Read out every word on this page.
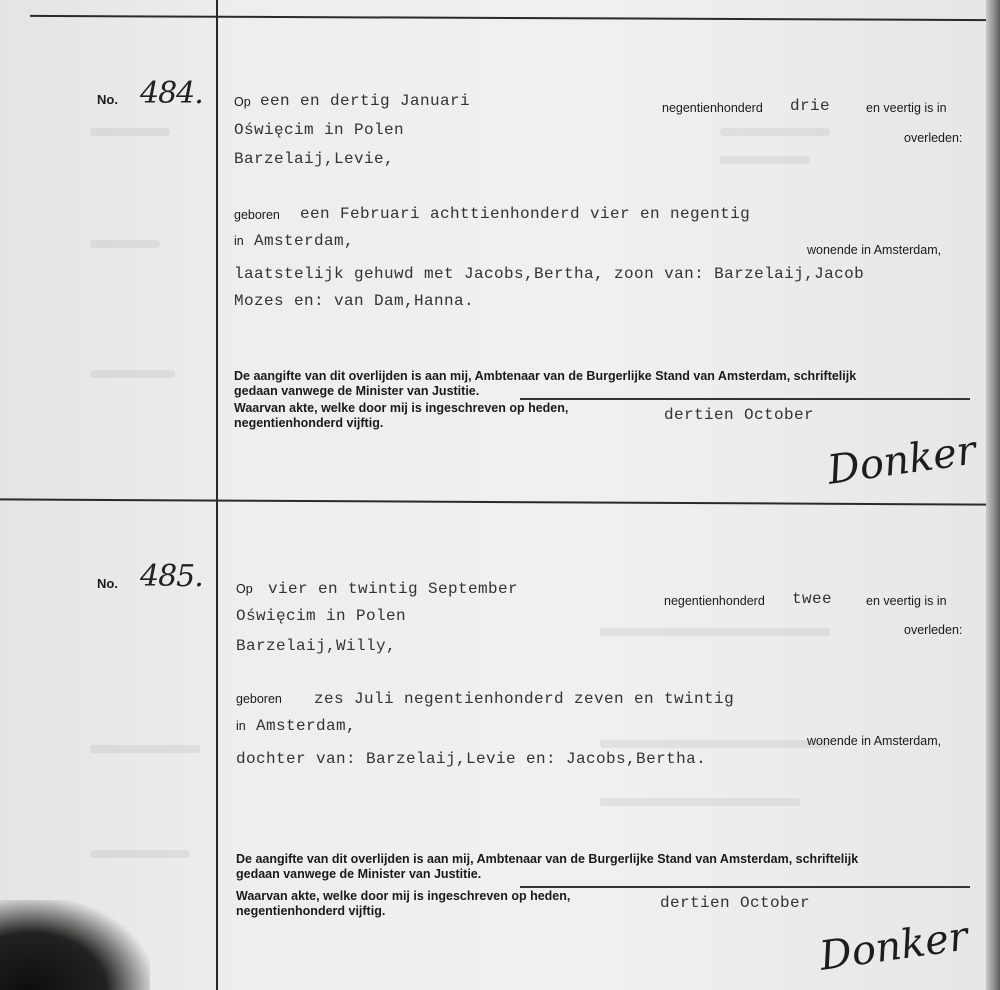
No. 484. Op een en dertig Januari	negentienhonderd drie	en veertig is in
Oświęcim in Polen	overleden:
Barzelaij,Levie,
geboren een Februari achttienhonderd vier en negentig
in Amsterdam,	wonende in Amsterdam,
laatstelijk gehuwd met Jacobs,Bertha, zoon van: Barzelaij,Jacob
Mozes en: van Dam,Hanna.
De aangifte van dit overlijden is aan mij, Ambtenaar van de Burgerlijke Stand van Amsterdam, schriftelijk
gedaan vanwege de Minister van Justitie.
Waarvan akte, welke door mij is ingeschreven op heden,	dertien October
negentienhonderd vijftig.
Donker
No. 485.	Op vier en twintig September
negentienhonderd twee	en veertig is in
Oświęcim in Polen
overleden:
Barzelaij,Willy,
geboren zes Juli negentienhonderd zeven en twintig
in Amsterdam,
wonende in Amsterdam,
dochter van: Barzelaij,Levie en: Jacobs,Bertha.
De aangifte van dit overlijden is aan mij, Ambtenaar van de Burgerlijke Stand van Amsterdam, schriftelijk
gedaan vanwege de Minister van Justitie.
Waarvan akte, welke door mij is ingeschreven op heden,	dertien October
negentienhonderd vijftig.
Donker
